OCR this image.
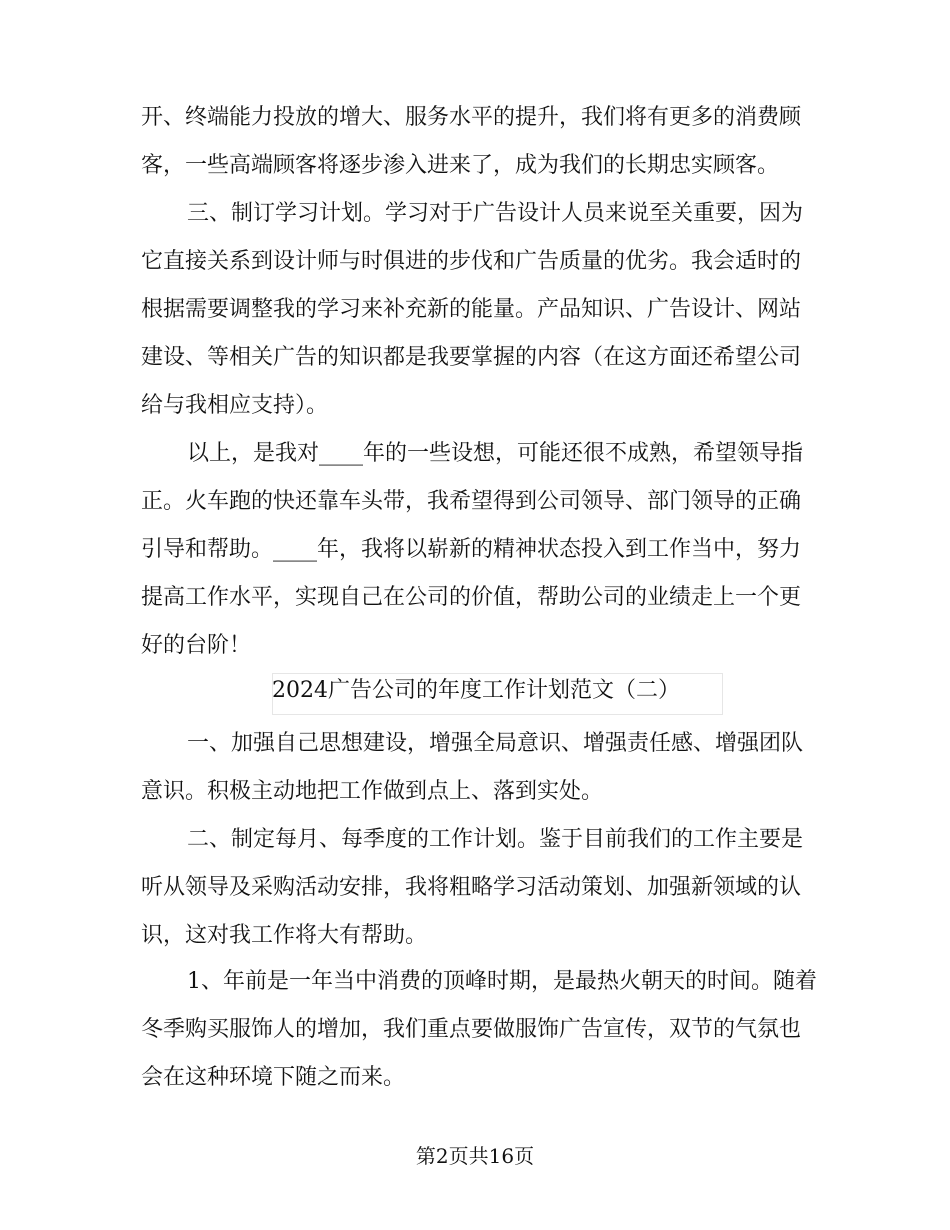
开、终端能力投放的增大、服务水平的提升，我们将有更多的消费顾
客，一些高端顾客将逐步渗入进来了，成为我们的长期忠实顾客。
三、制订学习计划。学习对于广告设计人员来说至关重要，因为
它直接关系到设计师与时俱进的步伐和广告质量的优劣。我会适时的
根据需要调整我的学习来补充新的能量。产品知识、广告设计、网站
建设、等相关广告的知识都是我要掌握的内容（在这方面还希望公司
给与我相应支持）。
以上，是我对____年的一些设想，可能还很不成熟，希望领导指
正。火车跑的快还靠车头带，我希望得到公司领导、部门领导的正确
引导和帮助。____年，我将以崭新的精神状态投入到工作当中，努力
提高工作水平，实现自己在公司的价值，帮助公司的业绩走上一个更
好的台阶！
2024广告公司的年度工作计划范文（二）
一、加强自己思想建设，增强全局意识、增强责任感、增强团队
意识。积极主动地把工作做到点上、落到实处。
二、制定每月、每季度的工作计划。鉴于目前我们的工作主要是
听从领导及采购活动安排，我将粗略学习活动策划、加强新领域的认
识，这对我工作将大有帮助。
1、年前是一年当中消费的顶峰时期，是最热火朝天的时间。随着
冬季购买服饰人的增加，我们重点要做服饰广告宣传，双节的气氛也
会在这种环境下随之而来。
第2页共16页
